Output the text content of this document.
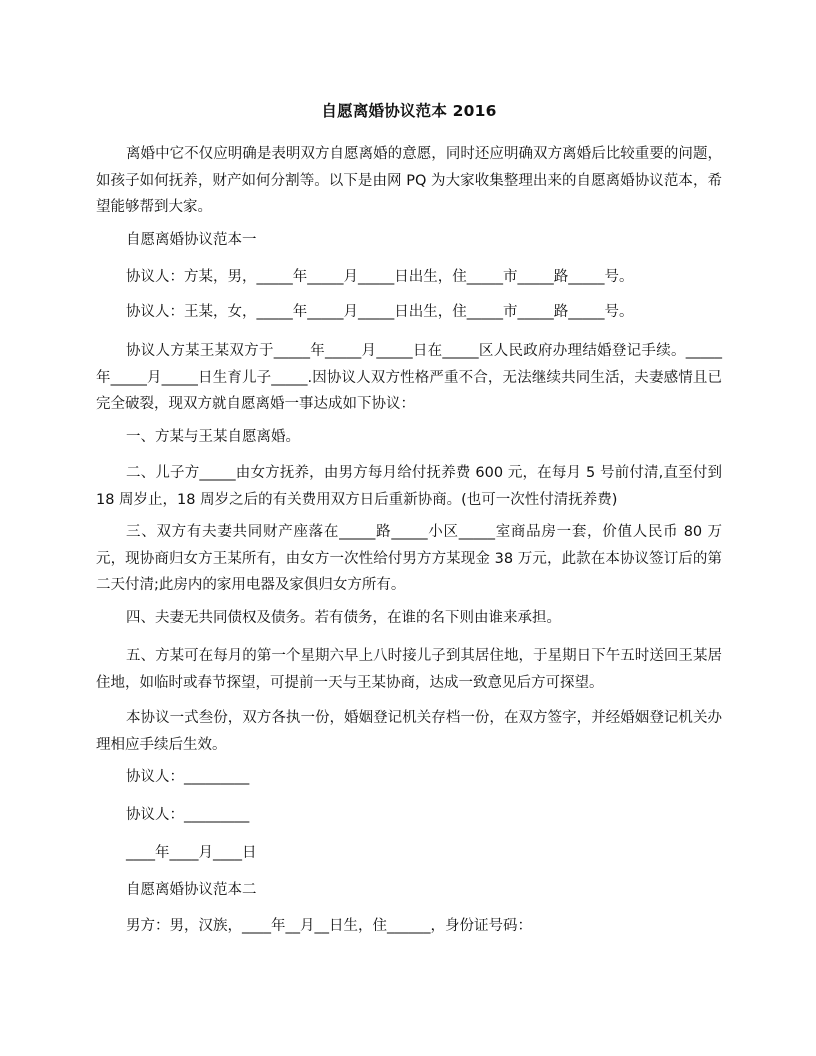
自愿离婚协议范本 2016

离婚中它不仅应明确是表明双方自愿离婚的意愿，同时还应明确双方离婚后比较重要的问题，如孩子如何抚养，财产如何分割等。以下是由网 PQ 为大家收集整理出来的自愿离婚协议范本，希望能够帮到大家。

自愿离婚协议范本一

协议人：方某，男，_____年_____月_____日出生，住_____市_____路_____号。

协议人：王某，女，_____年_____月_____日出生，住_____市_____路_____号。

协议人方某王某双方于_____年_____月_____日在_____区人民政府办理结婚登记手续。_____年_____月_____日生育儿子_____.因协议人双方性格严重不合，无法继续共同生活，夫妻感情且已完全破裂，现双方就自愿离婚一事达成如下协议：

一、方某与王某自愿离婚。

二、儿子方_____由女方抚养，由男方每月给付抚养费 600 元，在每月 5 号前付清,直至付到 18 周岁止，18 周岁之后的有关费用双方日后重新协商。(也可一次性付清抚养费)

三、双方有夫妻共同财产座落在_____路_____小区_____室商品房一套，价值人民币 80 万元，现协商归女方王某所有，由女方一次性给付男方方某现金 38 万元，此款在本协议签订后的第二天付清;此房内的家用电器及家俱归女方所有。

四、夫妻无共同债权及债务。若有债务，在谁的名下则由谁来承担。

五、方某可在每月的第一个星期六早上八时接儿子到其居住地，于星期日下午五时送回王某居住地，如临时或春节探望，可提前一天与王某协商，达成一致意见后方可探望。

本协议一式叁份，双方各执一份，婚姻登记机关存档一份，在双方签字，并经婚姻登记机关办理相应手续后生效。

协议人：_________

协议人：_________

____年____月____日

自愿离婚协议范本二

男方：男，汉族，____年__月__日生，住______，身份证号码：
